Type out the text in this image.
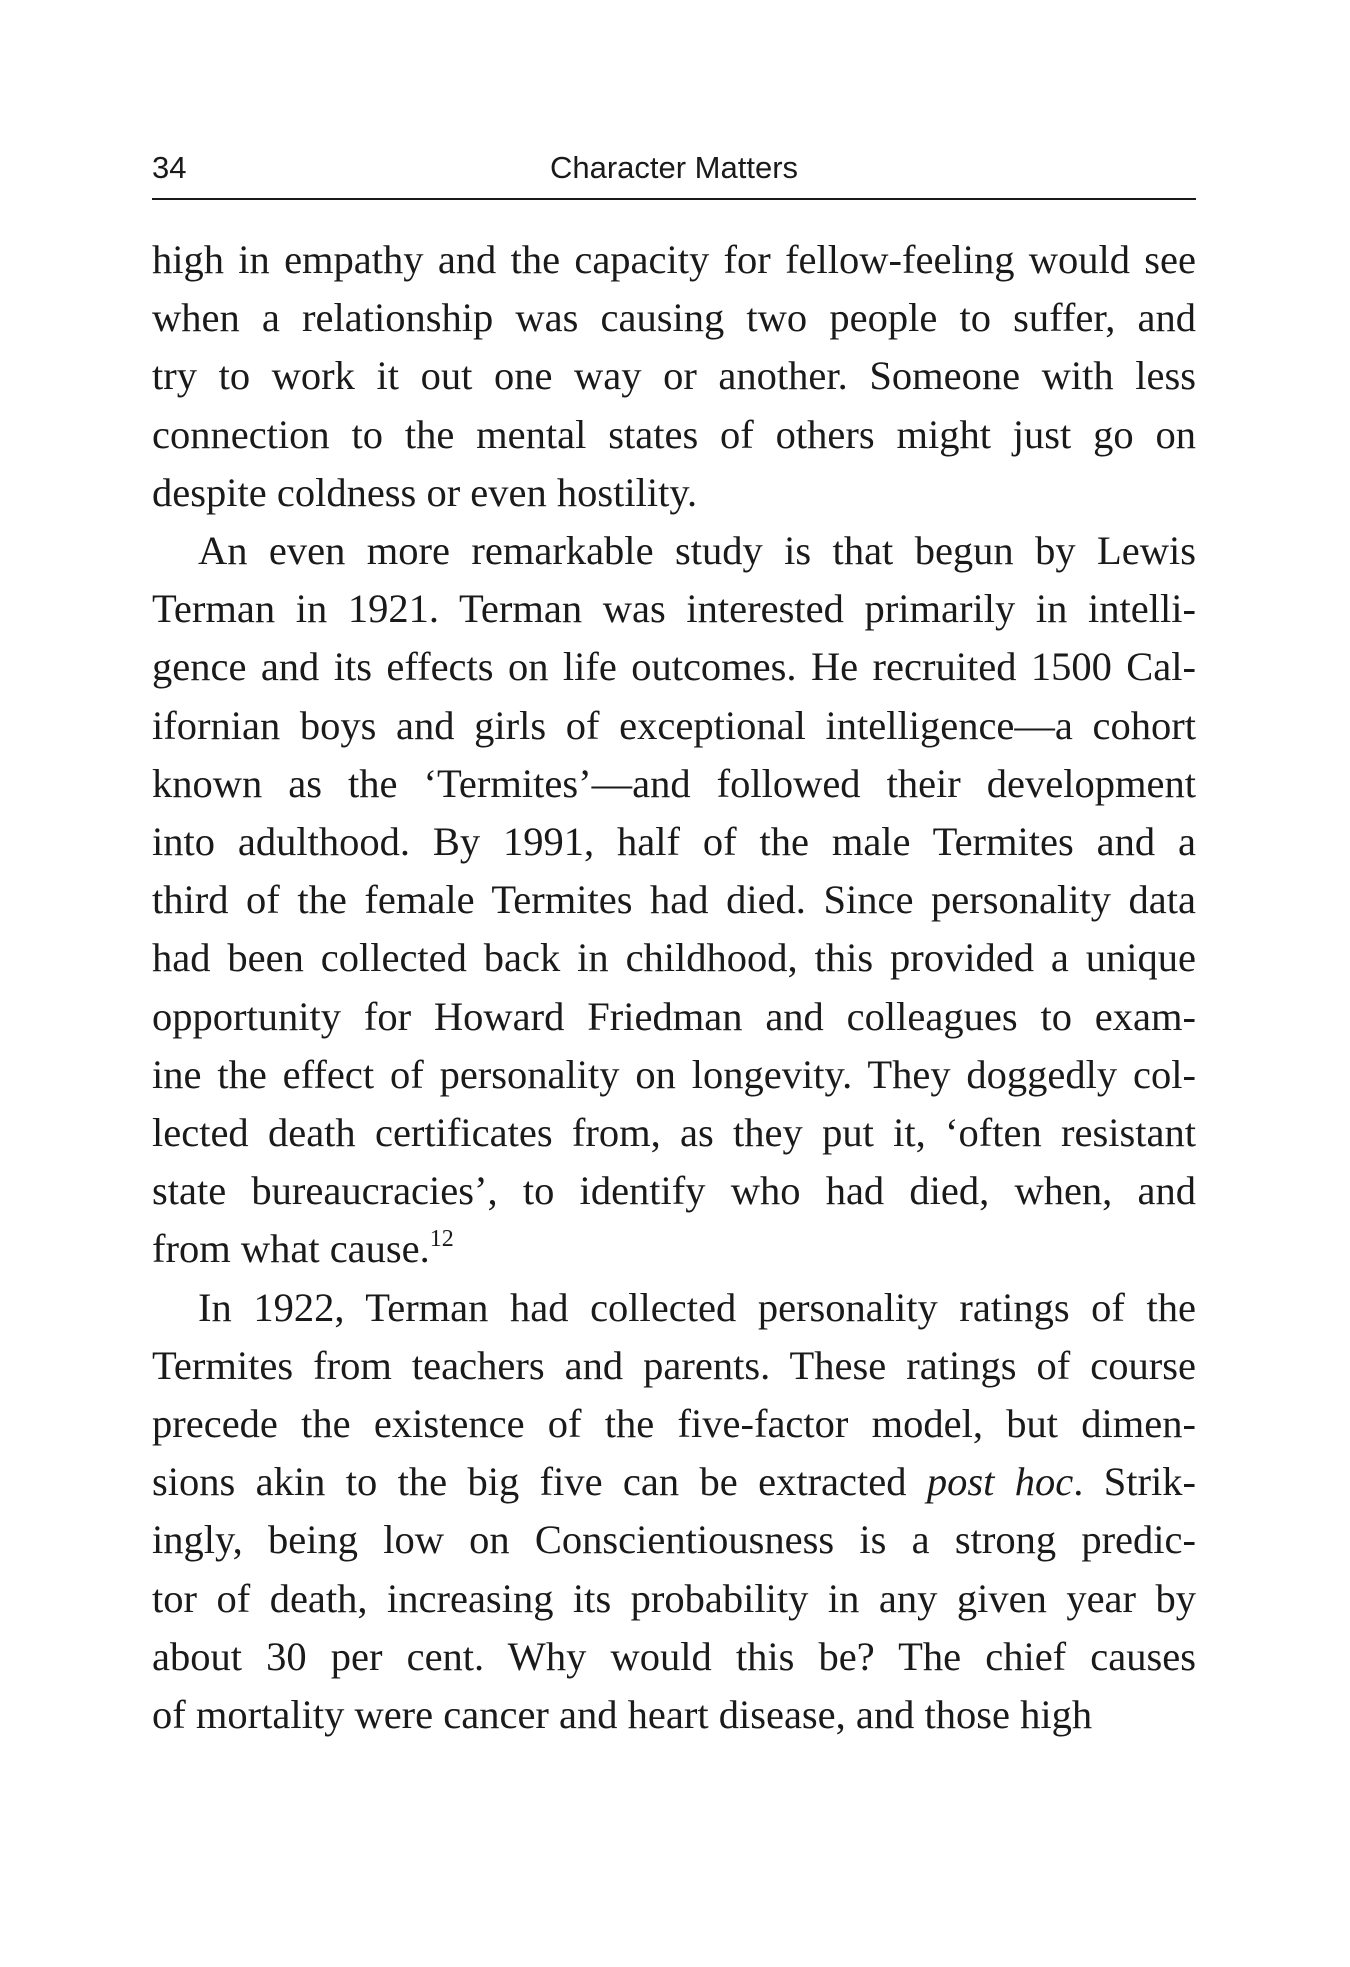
34	Character Matters

high in empathy and the capacity for fellow-feeling would see
when a relationship was causing two people to suffer, and
try to work it out one way or another. Someone with less
connection to the mental states of others might just go on
despite coldness or even hostility.

An even more remarkable study is that begun by Lewis
Terman in 1921. Terman was interested primarily in intelli-
gence and its effects on life outcomes. He recruited 1500 Cal-
ifornian boys and girls of exceptional intelligence—a cohort
known as the ‘Termites’—and followed their development
into adulthood. By 1991, half of the male Termites and a
third of the female Termites had died. Since personality data
had been collected back in childhood, this provided a unique
opportunity for Howard Friedman and colleagues to exam-
ine the effect of personality on longevity. They doggedly col-
lected death certificates from, as they put it, ‘often resistant
state bureaucracies’, to identify who had died, when, and
from what cause.$^{12}$

In 1922, Terman had collected personality ratings of the
Termites from teachers and parents. These ratings of course
precede the existence of the five-factor model, but dimen-
sions akin to the big five can be extracted post hoc. Strik-
ingly, being low on Conscientiousness is a strong predic-
tor of death, increasing its probability in any given year by
about 30 per cent. Why would this be? The chief causes
of mortality were cancer and heart disease, and those high
